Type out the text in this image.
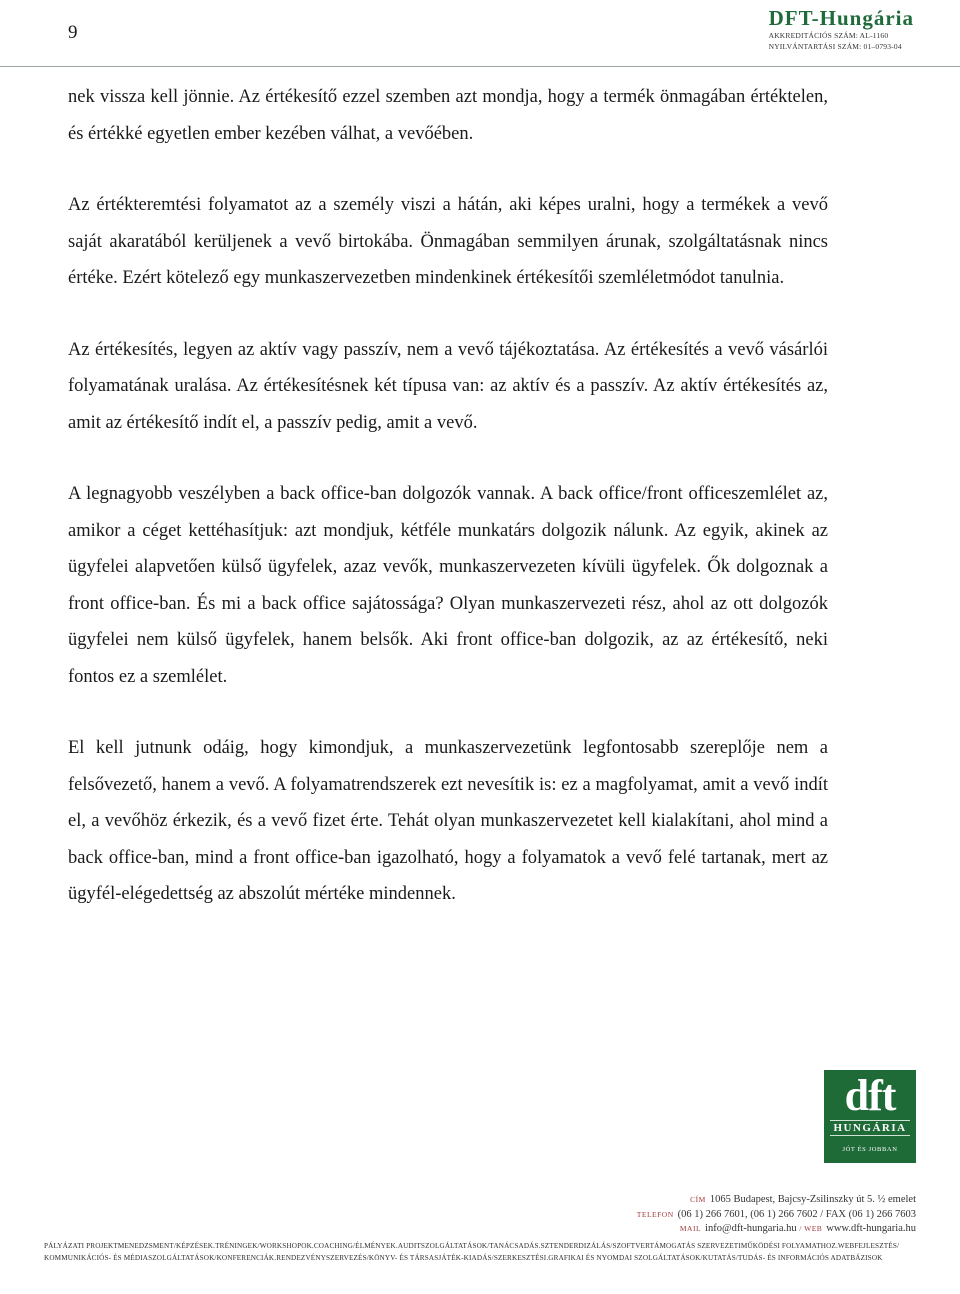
9
DFT-Hungária
AKKREDITÁCIÓS SZÁM: AL-1160
NYILVÁNTARTÁSI SZÁM: 01–0793-04

nek vissza kell jönnie. Az értékesítő ezzel szemben azt mondja, hogy a termék önmagában értéktelen, és értékké egyetlen ember kezében válhat, a vevőében.

Az értékteremtési folyamatot az a személy viszi a hátán, aki képes uralni, hogy a termékek a vevő saját akaratából kerüljenek a vevő birtokába. Önmagában semmilyen árunak, szolgáltatásnak nincs értéke. Ezért kötelező egy munkaszervezetben mindenkinek értékesítői szemléletmódot tanulnia.

Az értékesítés, legyen az aktív vagy passzív, nem a vevő tájékoztatása. Az értékesítés a vevő vásárlói folyamatának uralása. Az értékesítésnek két típusa van: az aktív és a passzív. Az aktív értékesítés az, amit az értékesítő indít el, a passzív pedig, amit a vevő.

A legnagyobb veszélyben a back office-ban dolgozók vannak. A back office/front officeszemlélet az, amikor a céget kettéhasítjuk: azt mondjuk, kétféle munkatárs dolgozik nálunk. Az egyik, akinek az ügyfelei alapvetően külső ügyfelek, azaz vevők, munkaszervezeten kívüli ügyfelek. Ők dolgoznak a front office-ban. És mi a back office sajátossága? Olyan munkaszervezeti rész, ahol az ott dolgozók ügyfelei nem külső ügyfelek, hanem belsők. Aki front office-ban dolgozik, az az értékesítő, neki fontos ez a szemlélet.

El kell jutnunk odáig, hogy kimondjuk, a munkaszervezetünk legfontosabb szereplője nem a felsővezető, hanem a vevő. A folyamatrendszerek ezt nevesítik is: ez a magfolyamat, amit a vevő indít el, a vevőhöz érkezik, és a vevő fizet érte. Tehát olyan munkaszervezetet kell kialakítani, ahol mind a back office-ban, mind a front office-ban igazolható, hogy a folyamatok a vevő felé tartanak, mert az ügyfél-elégedettség az abszolút mértéke mindennek.

dft
HUNGÁRIA
JÓT ÉS JOBBAN
CÍM 1065 Budapest, Bajcsy-Zsilinszky út 5. ½ emelet
TELEFON (06 1) 266 7601, (06 1) 266 7602 / FAX (06 1) 266 7603
MAIL info@dft-hungaria.hu / WEB www.dft-hungaria.hu
PÁLYÁZATI PROJEKTMENEDZSMENT/KÉPZÉSEK.TRÉNINGEK/WORKSHOPOK.COACHING/ÉLMÉNYEK.AUDITSZOLGÁLTATÁSOK/TANÁCSADÁS.SZTENDERDIZÁLÁS/SZOFTVERTÁMOGATÁS SZERVEZETIMŰKÖDÉSI FOLYAMATHOZ.WEBFEJLESZTÉS/
KOMMUNIKÁCIÓS- ÉS MÉDIASZOLGÁLTATÁSOK/KONFERENCIÁK.RENDEZVÉNYSZERVEZÉS/KÖNYV- ÉS TÁRSASJÁTÉK-KIADÁS/SZERKESZTÉSI.GRAFIKAI ÉS NYOMDAI SZOLGÁLTATÁSOK/KUTATÁS/TUDÁS- ÉS INFORMÁCIÓS ADATBÁZISOK
